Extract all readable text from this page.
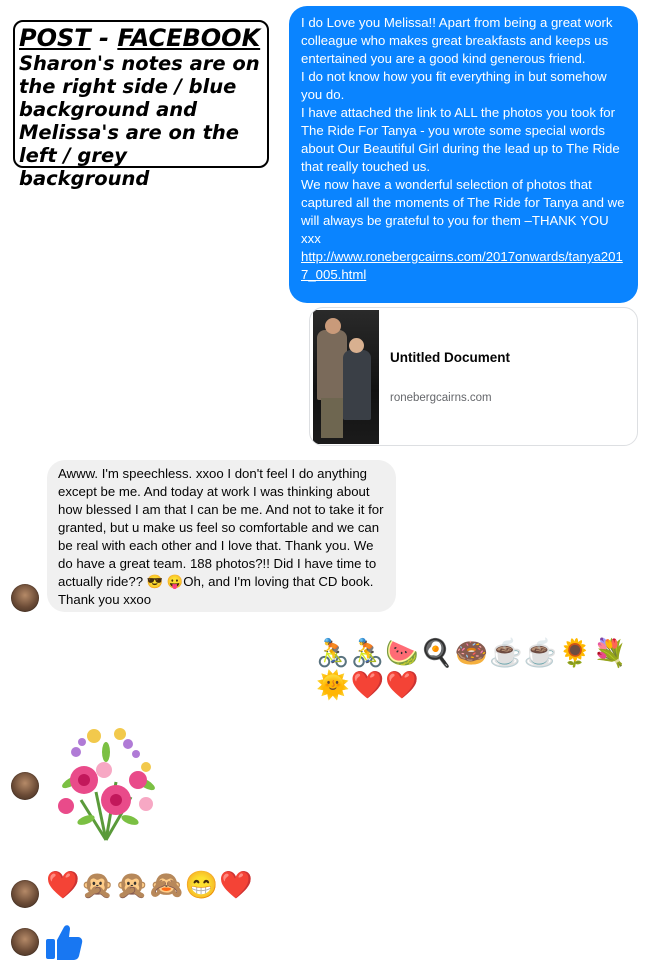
POST - FACEBOOK
Sharon's notes are on the right side / blue background and Melissa's are on the left / grey background

I do Love you Melissa!! Apart from being a great work colleague who makes great breakfasts and keeps us entertained you are a good kind generous friend.

I do not know how you fit everything in but somehow you do.

I have attached the link to ALL the photos you took for The Ride For Tanya - you wrote some special words about Our Beautiful Girl during the lead up to The Ride that really touched us.

We now have a wonderful selection of photos that captured all the moments of The Ride for Tanya and we will always be grateful to you for them –THANK YOU xxx

http://www.ronebergcairns.com/2017onwards/tanya2017_005.html

Untitled Document
ronebergcairns.com

Awww. I'm speechless. xxoo I don't feel I do anything except be me. And today at work I was thinking about how blessed I am that I can be me. And not to take it for granted, but u make us feel so comfortable and we can be real with each other and I love that. Thank you. We do have a great team. 188 photos?!! Did I have time to actually ride?? 😎 😛Oh, and I'm loving that CD book. Thank you xxoo

🚴🚴🍉🍳🍩☕☕🌻💐
🌞❤️❤️
❤️🙊🙊🙈😁❤️
